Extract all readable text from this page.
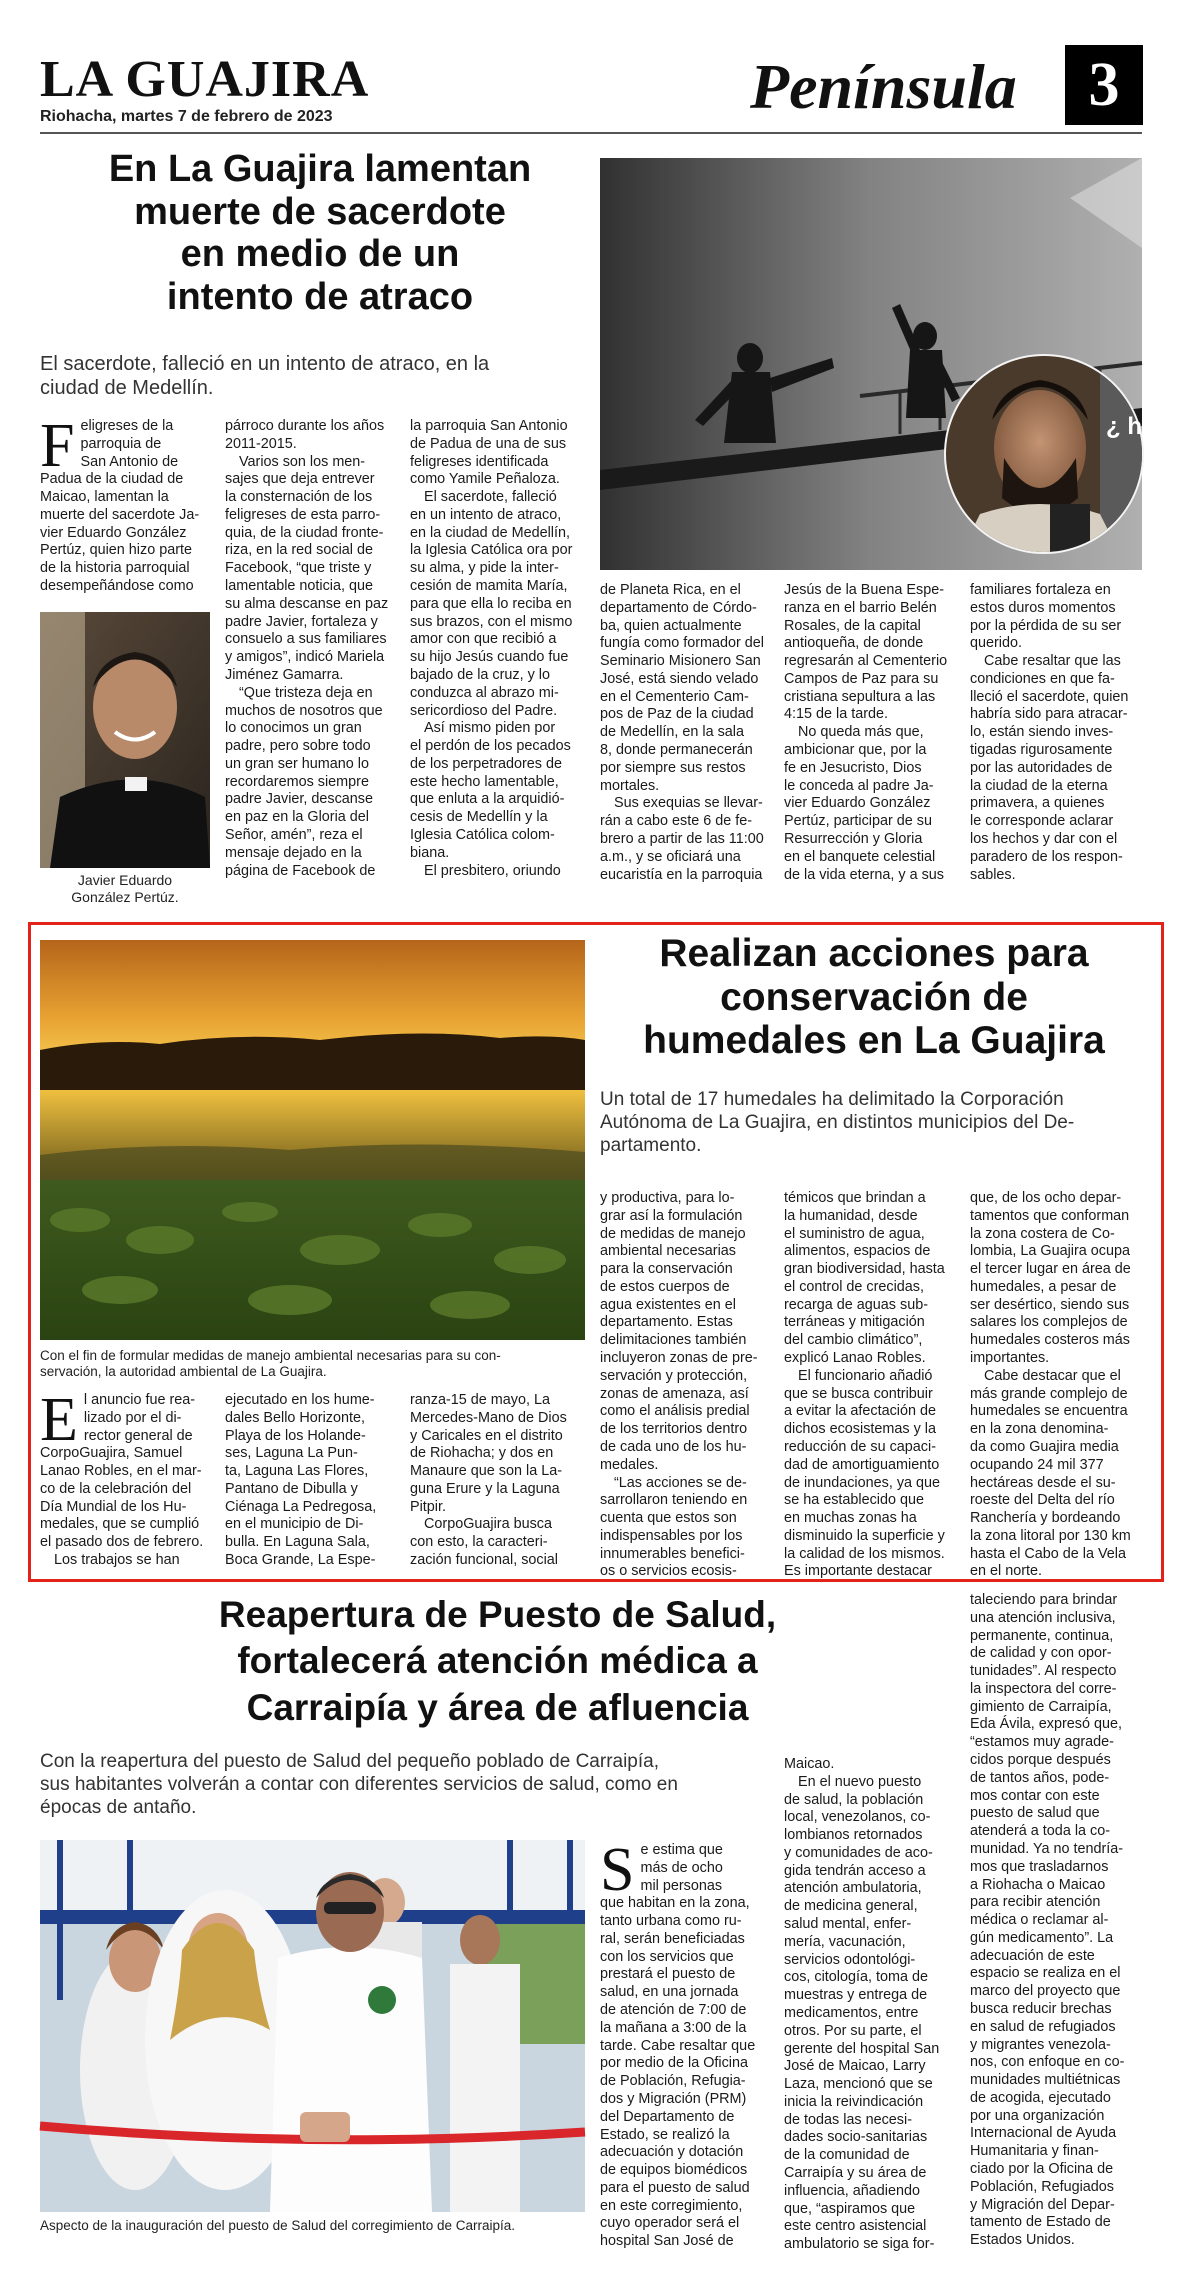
LA GUAJIRA
Riohacha, martes 7 de febrero de 2023	Península	3
En La Guajira lamentan
muerte de sacerdote
en medio de un
intento de atraco
El sacerdote, falleció en un intento de atraco, en la
ciudad de Medellín.
F eligreses de la
parroquia de
San Antonio de
Padua de la ciudad de
Maicao, lamentan la
muerte del sacerdote Ja-
vier Eduardo González
Pertúz, quien hizo parte
de la historia parroquial
desempeñándose como
Javier Eduardo
González Pertúz.
párroco durante los años
2011-2015.
Varios son los men-
sajes que deja entrever
la consternación de los
feligreses de esta parro-
quia, de la ciudad fronte-
riza, en la red social de
Facebook, “que triste y
lamentable noticia, que
su alma descanse en paz
padre Javier, fortaleza y
consuelo a sus familiares
y amigos”, indicó Mariela
Jiménez Gamarra.
“Que tristeza deja en
muchos de nosotros que
lo conocimos un gran
padre, pero sobre todo
un gran ser humano lo
recordaremos siempre
padre Javier, descanse
en paz en la Gloria del
Señor, amén”, reza el
mensaje dejado en la
página de Facebook de
la parroquia San Antonio
de Padua de una de sus
feligreses identificada
como Yamile Peñaloza.
El sacerdote, falleció
en un intento de atraco,
en la ciudad de Medellín,
la Iglesia Católica ora por
su alma, y pide la inter-
cesión de mamita María,
para que ella lo reciba en
sus brazos, con el mismo
amor con que recibió a
su hijo Jesús cuando fue
bajado de la cruz, y lo
conduzca al abrazo mi-
sericordioso del Padre.
Así mismo piden por
el perdón de los pecados
de los perpetradores de
este hecho lamentable,
que enluta a la arquidió-
cesis de Medellín y la
Iglesia Católica colom-
biana.
El presbitero, oriundo
¿ hay
de Planeta Rica, en el
departamento de Córdo-
ba, quien actualmente
fungía como formador del
Seminario Misionero San
José, está siendo velado
en el Cementerio Cam-
pos de Paz de la ciudad
de Medellín, en la sala
8, donde permanecerán
por siempre sus restos
mortales.
Sus exequias se llevar-
rán a cabo este 6 de fe-
brero a partir de las 11:00
a.m., y se oficiará una
eucaristía en la parroquia
Jesús de la Buena Espe-
ranza en el barrio Belén
Rosales, de la capital
antioqueña, de donde
regresarán al Cementerio
Campos de Paz para su
cristiana sepultura a las
4:15 de la tarde.
No queda más que,
ambicionar que, por la
fe en Jesucristo, Dios
le conceda al padre Ja-
vier Eduardo González
Pertúz, participar de su
Resurrección y Gloria
en el banquete celestial
de la vida eterna, y a sus
familiares fortaleza en
estos duros momentos
por la pérdida de su ser
querido.
Cabe resaltar que las
condiciones en que fa-
lleció el sacerdote, quien
habría sido para atracar-
lo, están siendo inves-
tigadas rigurosamente
por las autoridades de
la ciudad de la eterna
primavera, a quienes
le corresponde aclarar
los hechos y dar con el
paradero de los respon-
sables.
Con el fin de formular medidas de manejo ambiental necesarias para su con-
servación, la autoridad ambiental de La Guajira.
Realizan acciones para
conservación de
humedales en La Guajira
Un total de 17 humedales ha delimitado la Corporación
Autónoma de La Guajira, en distintos municipios del De-
partamento.
E l anuncio fue rea-
lizado por el di-
rector general de
CorpoGuajira, Samuel
Lanao Robles, en el mar-
co de la celebración del
Día Mundial de los Hu-
medales, que se cumplió
el pasado dos de febrero.
Los trabajos se han
ejecutado en los hume-
dales Bello Horizonte,
Playa de los Holande-
ses, Laguna La Pun-
ta, Laguna Las Flores,
Pantano de Dibulla y
Ciénaga La Pedregosa,
en el municipio de Di-
bulla. En Laguna Sala,
Boca Grande, La Espe-
ranza-15 de mayo, La
Mercedes-Mano de Dios
y Caricales en el distrito
de Riohacha; y dos en
Manaure que son la La-
guna Erure y la Laguna
Pitpir.
CorpoGuajira busca
con esto, la caracteri-
zación funcional, social
y productiva, para lo-
grar así la formulación
de medidas de manejo
ambiental necesarias
para la conservación
de estos cuerpos de
agua existentes en el
departamento. Estas
delimitaciones también
incluyeron zonas de pre-
servación y protección,
zonas de amenaza, así
como el análisis predial
de los territorios dentro
de cada uno de los hu-
medales.
“Las acciones se de-
sarrollaron teniendo en
cuenta que estos son
indispensables por los
innumerables benefici-
os o servicios ecosis-
témicos que brindan a
la humanidad, desde
el suministro de agua,
alimentos, espacios de
gran biodiversidad, hasta
el control de crecidas,
recarga de aguas sub-
terráneas y mitigación
del cambio climático”,
explicó Lanao Robles.
El funcionario añadió
que se busca contribuir
a evitar la afectación de
dichos ecosistemas y la
reducción de su capaci-
dad de amortiguamiento
de inundaciones, ya que
se ha establecido que
en muchas zonas ha
disminuido la superficie y
la calidad de los mismos.
Es importante destacar
que, de los ocho depar-
tamentos que conforman
la zona costera de Co-
lombia, La Guajira ocupa
el tercer lugar en área de
humedales, a pesar de
ser desértico, siendo sus
salares los complejos de
humedales costeros más
importantes.
Cabe destacar que el
más grande complejo de
humedales se encuentra
en la zona denomina-
da como Guajira media
ocupando 24 mil 377
hectáreas desde el su-
roeste del Delta del río
Ranchería y bordeando
la zona litoral por 130 km
hasta el Cabo de la Vela
en el norte.
Reapertura de Puesto de Salud,
fortalecerá atención médica a
Carraipía y área de afluencia
Con la reapertura del puesto de Salud del pequeño poblado de Carraipía,
sus habitantes volverán a contar con diferentes servicios de salud, como en
épocas de antaño.
Aspecto de la inauguración del puesto de Salud del corregimiento de Carraipía.
S e estima que
más de ocho
mil personas
que habitan en la zona,
tanto urbana como ru-
ral, serán beneficiadas
con los servicios que
prestará el puesto de
salud, en una jornada
de atención de 7:00 de
la mañana a 3:00 de la
tarde. Cabe resaltar que
por medio de la Oficina
de Población, Refugia-
dos y Migración (PRM)
del Departamento de
Estado, se realizó la
adecuación y dotación
de equipos biomédicos
para el puesto de salud
en este corregimiento,
cuyo operador será el
hospital San José de
Maicao.
En el nuevo puesto
de salud, la población
local, venezolanos, co-
lombianos retornados
y comunidades de aco-
gida tendrán acceso a
atención ambulatoria,
de medicina general,
salud mental, enfer-
mería, vacunación,
servicios odontológi-
cos, citología, toma de
muestras y entrega de
medicamentos, entre
otros. Por su parte, el
gerente del hospital San
José de Maicao, Larry
Laza, mencionó que se
inicia la reivindicación
de todas las necesi-
dades socio-sanitarias
de la comunidad de
Carraipía y su área de
influencia, añadiendo
que, “aspiramos que
este centro asistencial
ambulatorio se siga for-
taleciendo para brindar
una atención inclusiva,
permanente, continua,
de calidad y con opor-
tunidades”. Al respecto
la inspectora del corre-
gimiento de Carraipía,
Eda Ávila, expresó que,
“estamos muy agrade-
cidos porque después
de tantos años, pode-
mos contar con este
puesto de salud que
atenderá a toda la co-
munidad. Ya no tendría-
mos que trasladarnos
a Riohacha o Maicao
para recibir atención
médica o reclamar al-
gún medicamento”. La
adecuación de este
espacio se realiza en el
marco del proyecto que
busca reducir brechas
en salud de refugiados
y migrantes venezola-
nos, con enfoque en co-
munidades multiétnicas
de acogida, ejecutado
por una organización
Internacional de Ayuda
Humanitaria y finan-
ciado por la Oficina de
Población, Refugiados
y Migración del Depar-
tamento de Estado de
Estados Unidos.
